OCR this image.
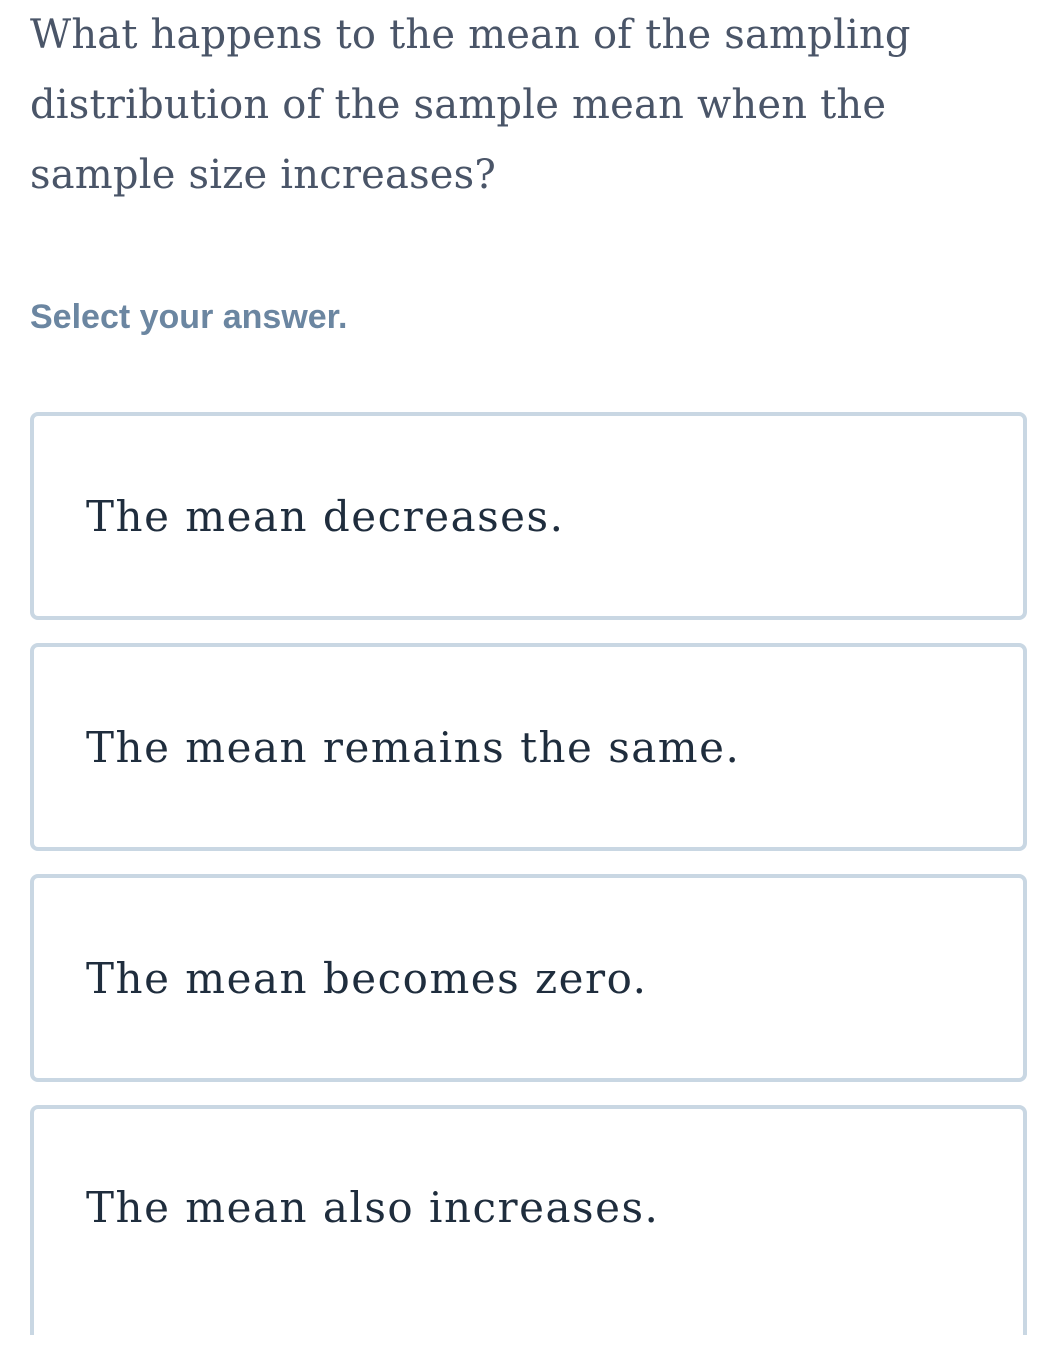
What happens to the mean of the sampling distribution of the sample mean when the sample size increases?

Select your answer.

The mean decreases.
The mean remains the same.
The mean becomes zero.
The mean also increases.
